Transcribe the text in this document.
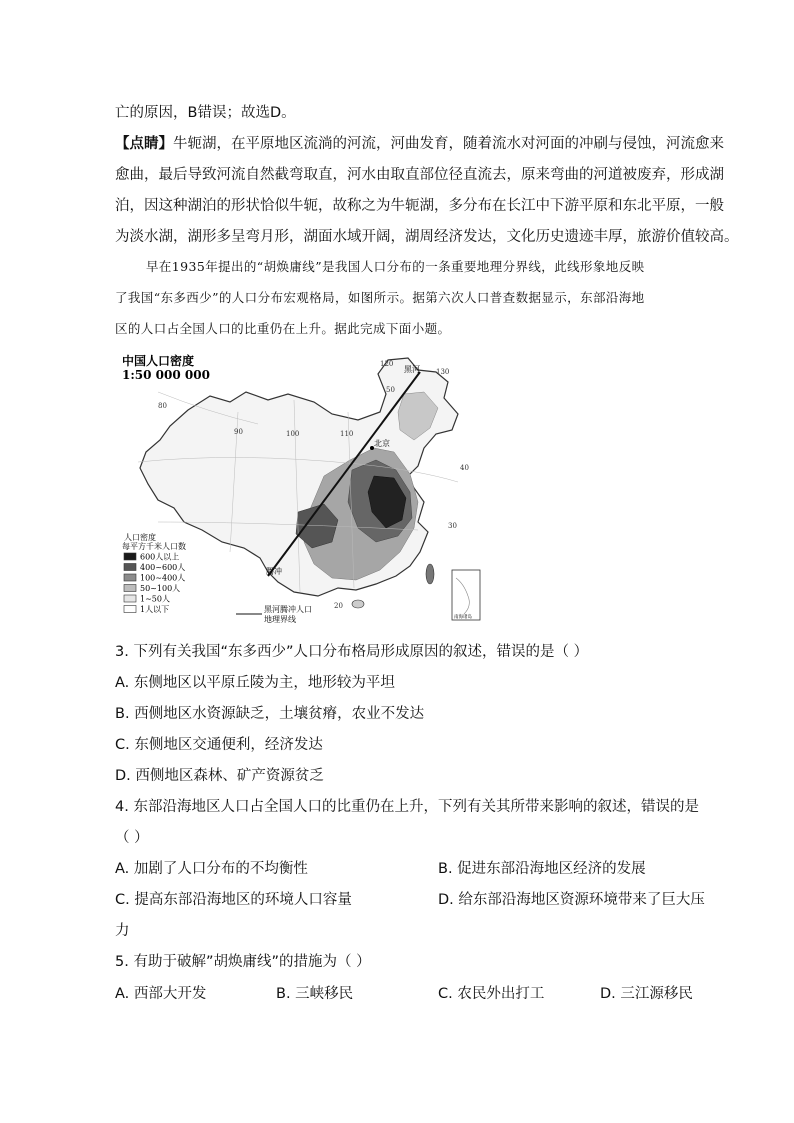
亡的原因，B错误；故选D。
【点睛】牛轭湖，在平原地区流淌的河流，河曲发育，随着流水对河面的冲刷与侵蚀，河流愈来
愈曲，最后导致河流自然截弯取直，河水由取直部位径直流去，原来弯曲的河道被废弃，形成湖
泊，因这种湖泊的形状恰似牛轭，故称之为牛轭湖，多分布在长江中下游平原和东北平原，一般
为淡水湖，湖形多呈弯月形，湖面水域开阔，湖周经济发达，文化历史遗迹丰厚，旅游价值较高。
早在1935年提出的“胡焕庸线”是我国人口分布的一条重要地理分界线，此线形象地反映
了我国“东多西少”的人口分布宏观格局，如图所示。据第六次人口普查数据显示，东部沿海地
区的人口占全国人口的比重仍在上升。据此完成下面小题。
中国人口密度
1:50 000 000
90	100	110
120
130
80
50
40
30
20
黑河
北京
腾冲
南海诸岛
人口密度
每平方千米人口数
600人以上
400~600人
100~400人
50~100人
1~50人
1人以下	黑河腾冲人口
地理界线
3. 下列有关我国“东多西少”人口分布格局形成原因的叙述，错误的是（ ）
A. 东侧地区以平原丘陵为主，地形较为平坦
B. 西侧地区水资源缺乏，土壤贫瘠，农业不发达
C. 东侧地区交通便利，经济发达
D. 西侧地区森林、矿产资源贫乏
4. 东部沿海地区人口占全国人口的比重仍在上升，下列有关其所带来影响的叙述，错误的是
（ ）
A. 加剧了人口分布的不均衡性	B. 促进东部沿海地区经济的发展
C. 提高东部沿海地区的环境人口容量	D. 给东部沿海地区资源环境带来了巨大压
力
5. 有助于破解”胡焕庸线”的措施为（ ）
A. 西部大开发	B. 三峡移民	C. 农民外出打工	D. 三江源移民
